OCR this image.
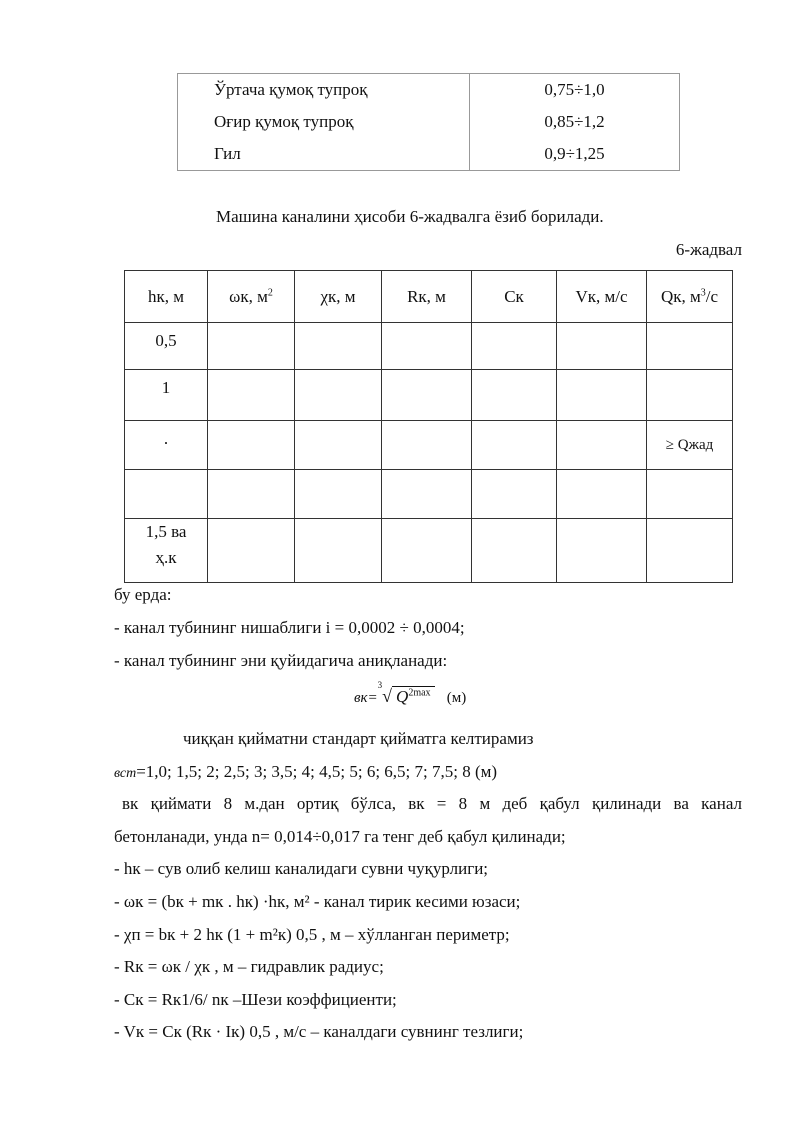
Ўртача қумоқ тупроқ	0,75÷1,0
Оғир қумоқ тупроқ	0,85÷1,2
Гил	0,9÷1,25
Машина каналини ҳисоби 6-жадвалга ёзиб борилади.
6-жадвал
hк, м	ωк, $м^2$	χк, м	Rк, м	Cк	Vк, м/с	Qк, $м^3/с$
0,5						
1						
.						≥ Qжад

1,5 ва ҳ.к						
бу ерда:
- канал тубининг нишаблиги i = 0,0002 ÷ 0,0004;
- канал тубининг эни қуйидагича аниқланади:
вк=$^3$√ $Q^{2max}$ (м)
чиққан қийматни стандарт қийматга келтирамиз
вст=1,0; 1,5; 2; 2,5; 3; 3,5; 4; 4,5; 5; 6; 6,5; 7; 7,5; 8 (м)
вк қиймати 8 м.дан ортиқ бўлса, вк = 8 м деб қабул қилинади ва канал
бетонланади, унда n= 0,014÷0,017 га тенг деб қабул қилинади;
- hк – сув олиб келиш каналидаги сувни чуқурлиги;
- ωк = (bк + mк . hк) ·hк, м² - канал тирик кесими юзаси;
- χп = bк + 2 hк (1 + m²к) 0,5 , м – хўлланган периметр;
- Rк = ωк / χк , м – гидравлик радиус;
- Cк = Rк1/6/ nк –Шези коэффициенти;
- Vк = Cк (Rк · Iк) 0,5 , м/с – каналдаги сувнинг тезлиги;
